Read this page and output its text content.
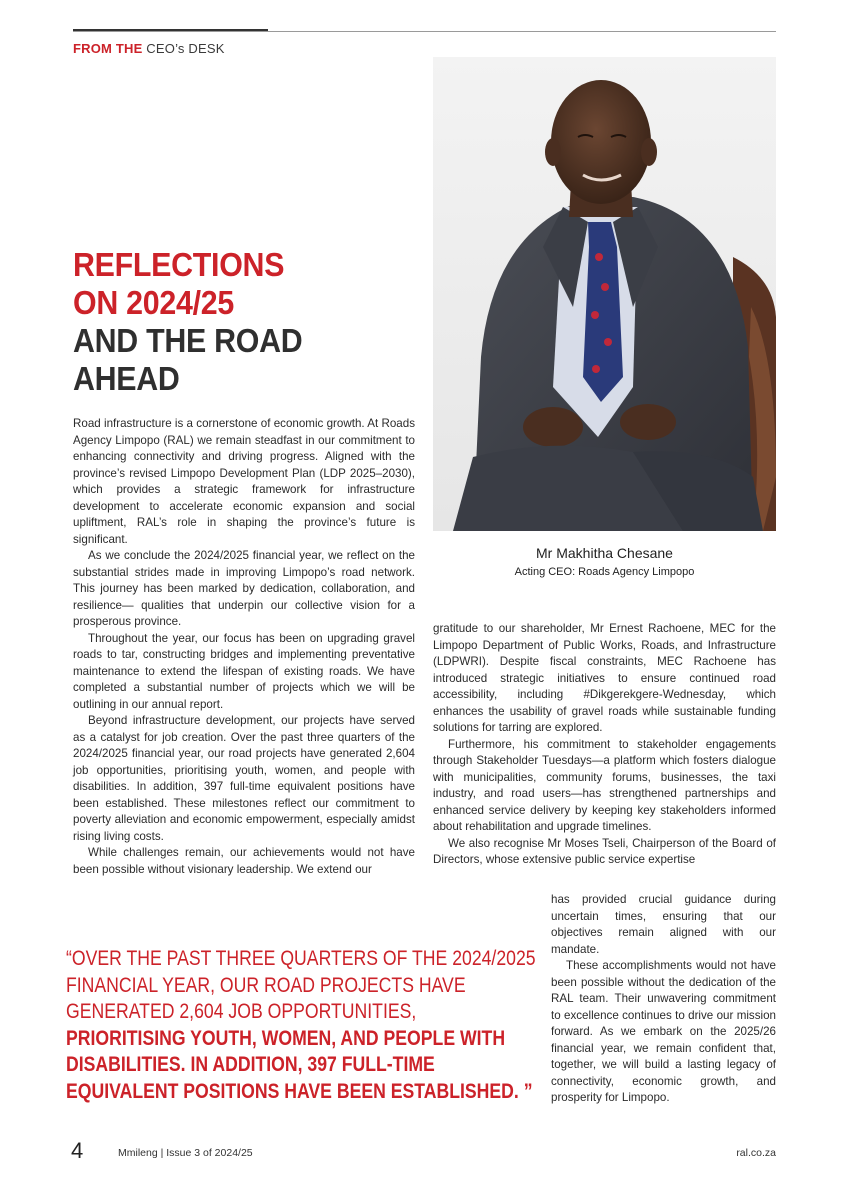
FROM THE CEO’s DESK
REFLECTIONS
ON 2024/25
AND THE ROAD AHEAD
Mr Makhitha Chesane
Acting CEO: Roads Agency Limpopo

Road infrastructure is a cornerstone of economic growth. At Roads Agency Limpopo (RAL) we remain steadfast in our commitment to enhancing connectivity and driving progress. Aligned with the province’s revised Limpopo Development Plan (LDP 2025–2030), which provides a strategic framework for infrastructure development to accelerate economic expansion and social upliftment, RAL’s role in shaping the province’s future is significant.

As we conclude the 2024/2025 financial year, we reflect on the substantial strides made in improving Limpopo’s road network. This journey has been marked by dedication, collaboration, and resilience— qualities that underpin our collective vision for a prosperous province.

Throughout the year, our focus has been on upgrading gravel roads to tar, constructing bridges and implementing preventative maintenance to extend the lifespan of existing roads. We have completed a substantial number of projects which we will be outlining in our annual report.

Beyond infrastructure development, our projects have served as a catalyst for job creation. Over the past three quarters of the 2024/2025 financial year, our road projects have generated 2,604 job opportunities, prioritising youth, women, and people with disabilities. In addition, 397 full-time equivalent positions have been established. These milestones reflect our commitment to poverty alleviation and economic empowerment, especially amidst rising living costs.

While challenges remain, our achievements would not have been possible without visionary leadership. We extend our

gratitude to our shareholder, Mr Ernest Rachoene, MEC for the Limpopo Department of Public Works, Roads, and Infrastructure (LDPWRI). Despite fiscal constraints, MEC Rachoene has introduced strategic initiatives to ensure continued road accessibility, including #Dikgerekgere-Wednesday, which enhances the usability of gravel roads while sustainable funding solutions for tarring are explored.

Furthermore, his commitment to stakeholder engagements through Stakeholder Tuesdays—a platform which fosters dialogue with municipalities, community forums, businesses, the taxi industry, and road users—has strengthened partnerships and enhanced service delivery by keeping key stakeholders informed about rehabilitation and upgrade timelines.

We also recognise Mr Moses Tseli, Chairperson of the Board of Directors, whose extensive public service expertise

has provided crucial guidance during uncertain times, ensuring that our objectives remain aligned with our mandate.

These accomplishments would not have been possible without the dedication of the RAL team. Their unwavering commitment to excellence continues to drive our mission forward. As we embark on the 2025/26 financial year, we remain confident that, together, we will build a lasting legacy of connectivity, economic growth, and prosperity for Limpopo.

“OVER THE PAST THREE QUARTERS OF THE 2024/2025 FINANCIAL YEAR, OUR ROAD PROJECTS HAVE GENERATED 2,604 JOB OPPORTUNITIES,
PRIORITISING YOUTH, WOMEN, AND PEOPLE WITH DISABILITIES. IN ADDITION, 397 FULL-TIME EQUIVALENT POSITIONS HAVE BEEN ESTABLISHED. ”
4	Mmileng | Issue 3 of 2024/25	ral.co.za
